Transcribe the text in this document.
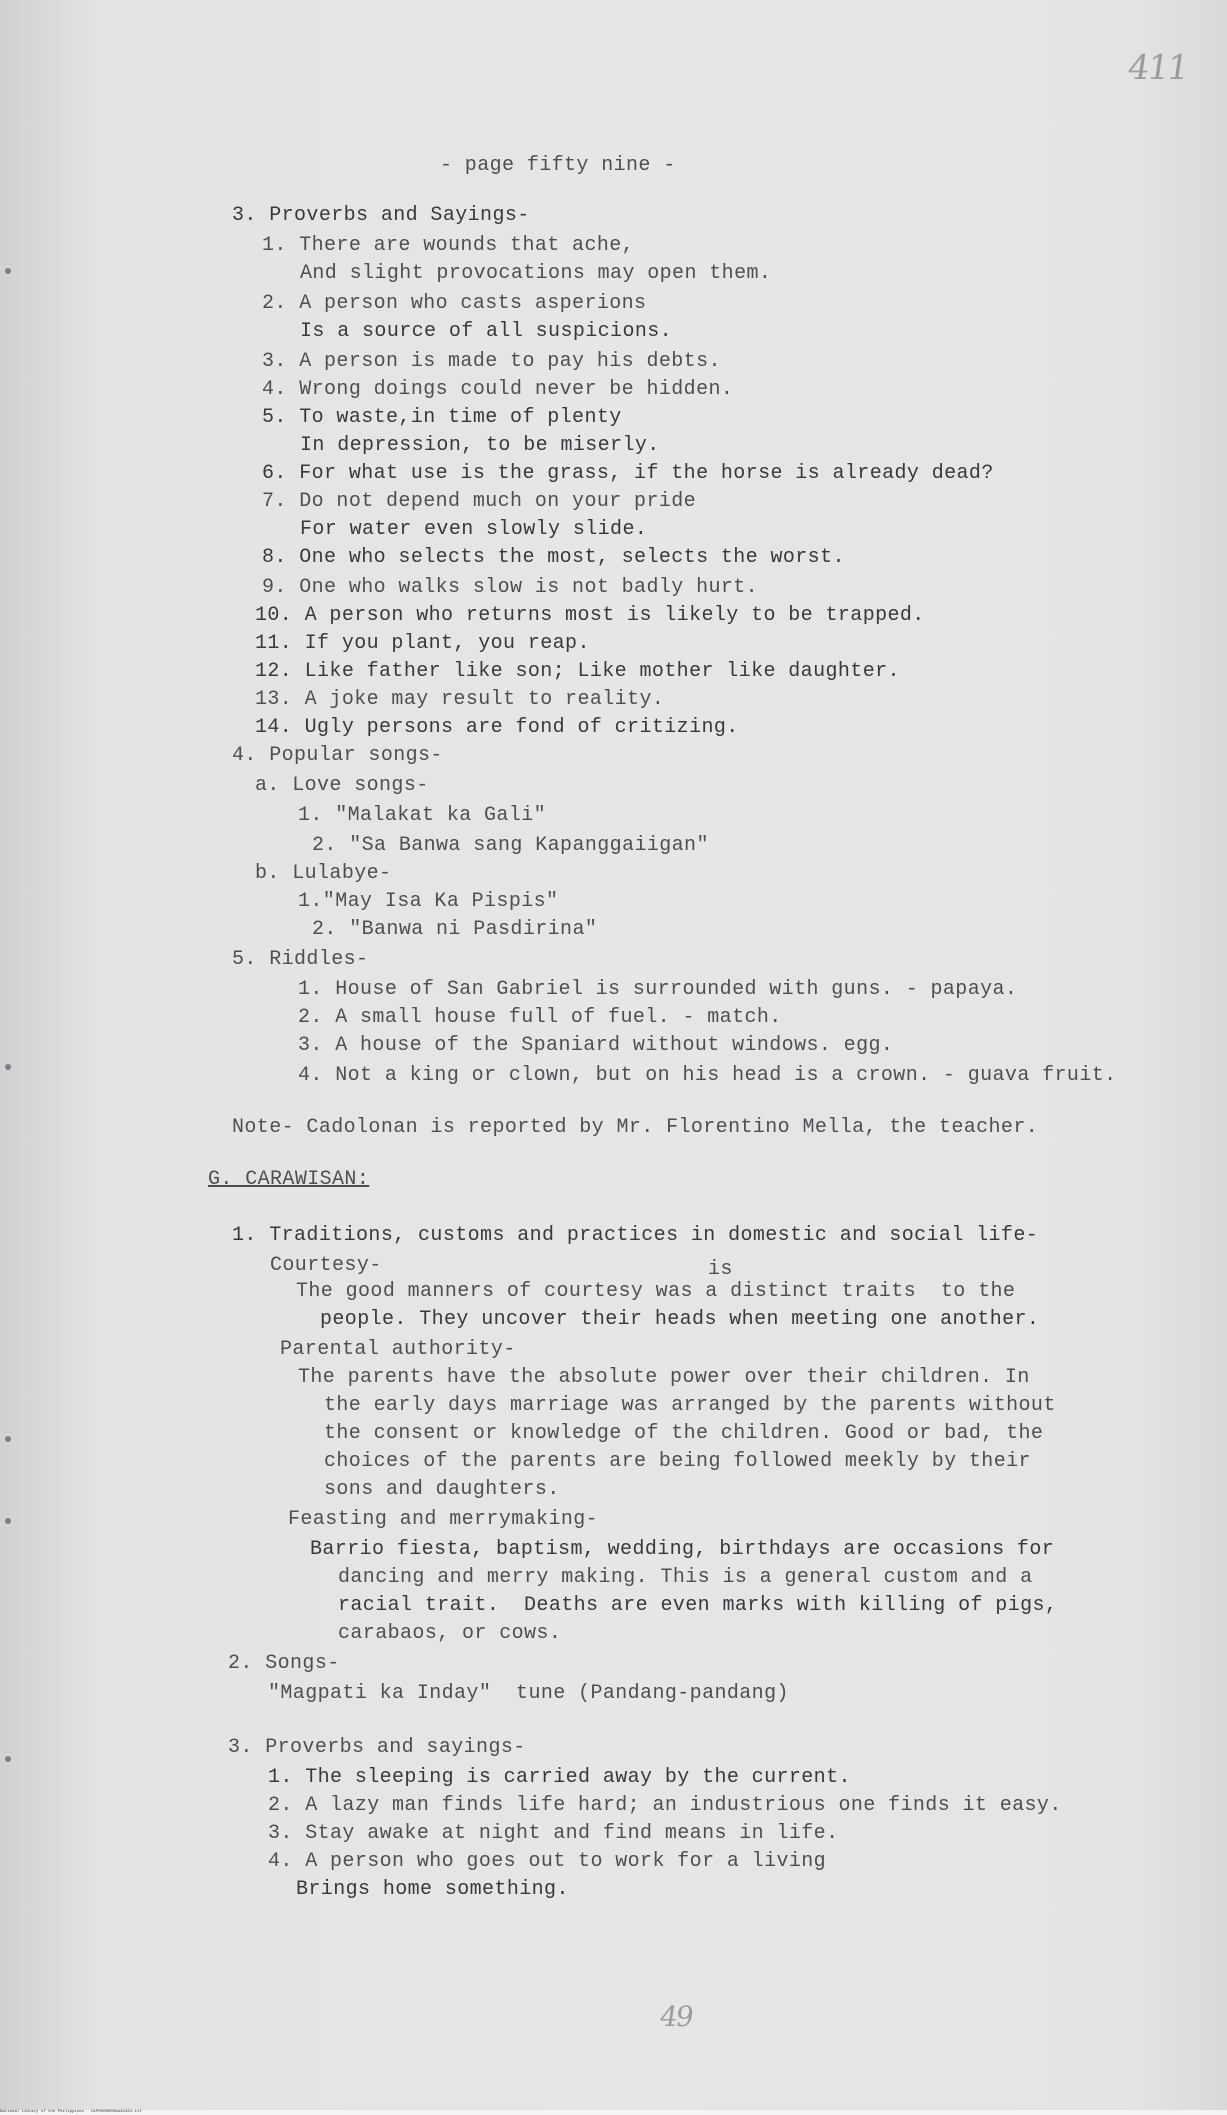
411
- page fifty nine -
3. Proverbs and Sayings-
1. There are wounds that ache,
And slight provocations may open them.
2. A person who casts asperions
Is a source of all suspicions.
3. A person is made to pay his debts.
4. Wrong doings could never be hidden.
5. To waste,in time of plenty
In depression, to be miserly.
6. For what use is the grass, if the horse is already dead?
7. Do not depend much on your pride
For water even slowly slide.
8. One who selects the most, selects the worst.
9. One who walks slow is not badly hurt.
10. A person who returns most is likely to be trapped.
11. If you plant, you reap.
12. Like father like son; Like mother like daughter.
13. A joke may result to reality.
14. Ugly persons are fond of critizing.
4. Popular songs-
a. Love songs-
1. "Malakat ka Gali"
2. "Sa Banwa sang Kapanggaiigan"
b. Lulabye-
1."May Isa Ka Pispis"
2. "Banwa ni Pasdirina"
5. Riddles-
1. House of San Gabriel is surrounded with guns. - papaya.
2. A small house full of fuel. - match.
3. A house of the Spaniard without windows. egg.
4. Not a king or clown, but on his head is a crown. - guava fruit.
Note- Cadolonan is reported by Mr. Florentino Mella, the teacher.
G. CARAWISAN:
1. Traditions, customs and practices in domestic and social life-
Courtesy-	is
The good manners of courtesy was a distinct traits  to the
people. They uncover their heads when meeting one another.
Parental authority-
The parents have the absolute power over their children. In
the early days marriage was arranged by the parents without
the consent or knowledge of the children. Good or bad, the
choices of the parents are being followed meekly by their
sons and daughters.
Feasting and merrymaking-
Barrio fiesta, baptism, wedding, birthdays are occasions for
dancing and merry making. This is a general custom and a
racial trait.  Deaths are even marks with killing of pigs,
carabaos, or cows.
2. Songs-
"Magpati ka Inday"  tune (Pandang-pandang)
3. Proverbs and sayings-
1. The sleeping is carried away by the current.
2. A lazy man finds life hard; an industrious one finds it easy.
3. Stay awake at night and find means in life.
4. A person who goes out to work for a living
Brings home something.
49
National Library of the Philippines   HLP0000000AA33424.tif
